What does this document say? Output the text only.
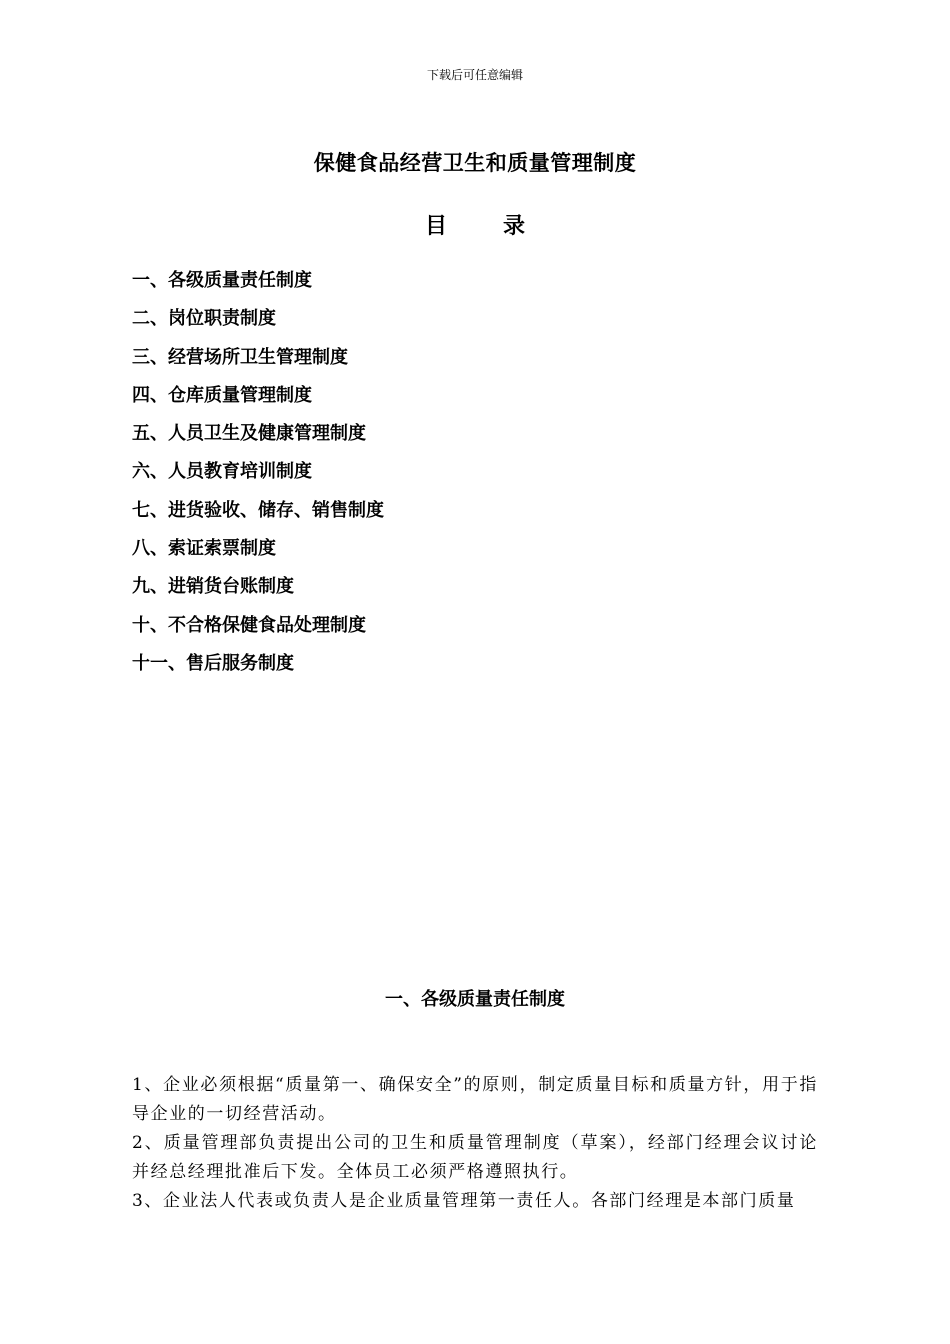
下载后可任意编辑
保健食品经营卫生和质量管理制度
目	录
一、各级质量责任制度
二、岗位职责制度
三、经营场所卫生管理制度
四、仓库质量管理制度
五、人员卫生及健康管理制度
六、人员教育培训制度
七、进货验收、储存、销售制度
八、索证索票制度
九、进销货台账制度
十、不合格保健食品处理制度
十一、售后服务制度
一、各级质量责任制度

1、企业必须根据“质量第一、确保安全”的原则，制定质量目标和质量方针，用于指导企业的一切经营活动。

2、质量管理部负责提出公司的卫生和质量管理制度（草案），经部门经理会议讨论并经总经理批准后下发。全体员工必须严格遵照执行。

3、企业法人代表或负责人是企业质量管理第一责任人。各部门经理是本部门质量
